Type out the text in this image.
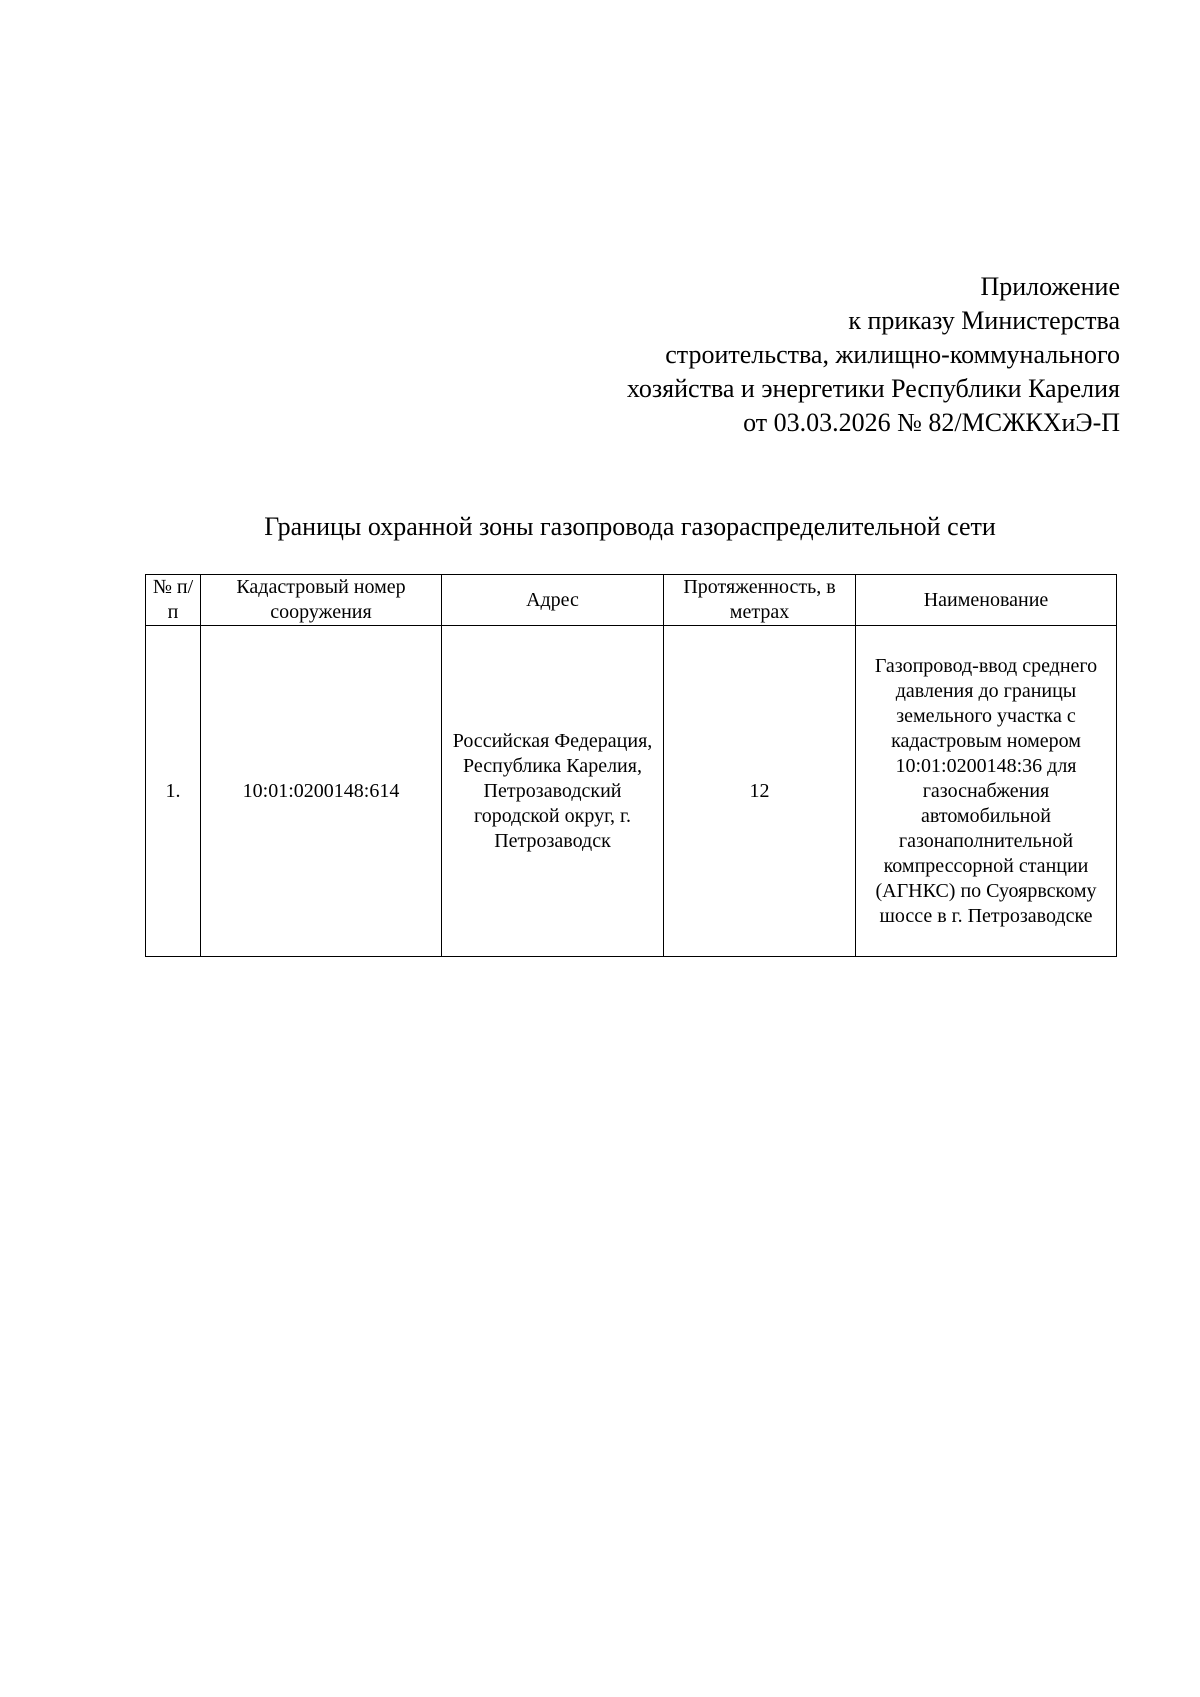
Приложение
к приказу Министерства
строительства, жилищно-коммунального
хозяйства и энергетики Республики Карелия
от 03.03.2026 № 82/МСЖКХиЭ-П
Границы охранной зоны газопровода газораспределительной сети
№ п/п	Кадастровый номер сооружения	Адрес	Протяженность, в метрах	Наименование
1.	10:01:0200148:614	Российская Федерация, Республика Карелия, Петрозаводский городской округ, г. Петрозаводск	12	Газопровод-ввод среднего давления до границы земельного участка с кадастровым номером 10:01:0200148:36 для газоснабжения автомобильной газонаполнительной компрессорной станции (АГНКС) по Суоярвскому шоссе в г. Петрозаводске
